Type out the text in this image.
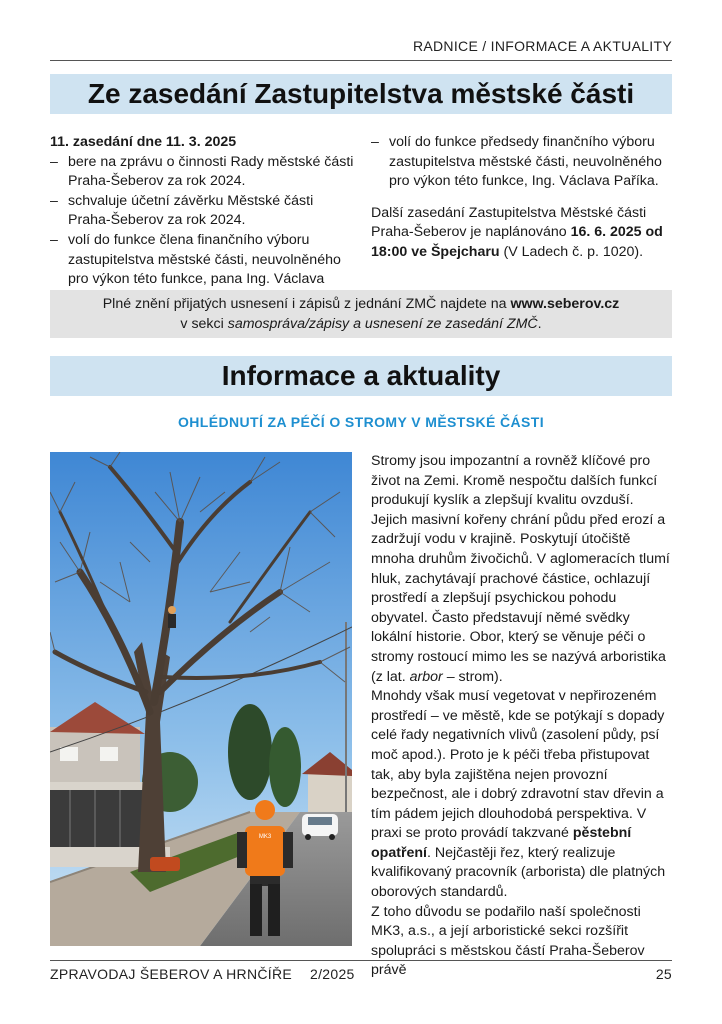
RADNICE / INFORMACE A AKTUALITY
Ze zasedání Zastupitelstva městské části
11. zasedání dne 11. 3. 2025
– bere na zprávu o činnosti Rady městské části Praha-Šeberov za rok 2024.
– schvaluje účetní závěrku Městské části Praha-Šeberov za rok 2024.
– volí do funkce člena finančního výboru zastupitelstva městské části, neuvolněného pro výkon této funkce, pana Ing. Václava
– volí do funkce předsedy finančního výboru zastupitelstva městské části, neuvolněného pro výkon této funkce, Ing. Václava Paříka.
Další zasedání Zastupitelstva Městské části Praha-Šeberov je naplánováno 16. 6. 2025 od 18:00 ve Špejcharu (V Ladech č. p. 1020).
Plné znění přijatých usnesení i zápisů z jednání ZMČ najdete na www.seberov.cz
v sekci samospráva/zápisy a usnesení ze zasedání ZMČ.
Informace a aktuality
OHLÉDNUTÍ ZA PÉČÍ O STROMY V MĚSTSKÉ ČÁSTI
MK3

Stromy jsou impozantní a rovněž klíčové pro život na Zemi. Kromě nespočtu dalších funkcí produkují kyslík a zlepšují kvalitu ovzduší. Jejich masivní kořeny chrání půdu před erozí a zadržují vodu v krajině. Poskytují útočiště mnoha druhům živočichů. V aglomeracích tlumí hluk, zachytávají prachové částice, ochlazují prostředí a zlepšují psychickou pohodu obyvatel. Často představují němé svědky lokální historie. Obor, který se věnuje péči o stromy rostoucí mimo les se nazývá arboristika (z lat. arbor – strom).

Mnohdy však musí vegetovat v nepřirozeném prostředí – ve městě, kde se potýkají s dopady celé řady negativních vlivů (zasolení půdy, psí moč apod.). Proto je k péči třeba přistupovat tak, aby byla zajištěna nejen provozní bezpečnost, ale i dobrý zdravotní stav dřevin a tím pádem jejich dlouhodobá perspektiva. V praxi se proto provádí takzvané pěstební opatření. Nejčastěji řez, který realizuje kvalifikovaný pracovník (arborista) dle platných oborových standardů.

Z toho důvodu se podařilo naší společnosti MK3, a.s., a její arboristické sekci rozšířit spolupráci s městskou částí Praha-Šeberov právě

ZPRAVODAJ ŠEBEROV A HRNČÍŘE 2/2025	25
